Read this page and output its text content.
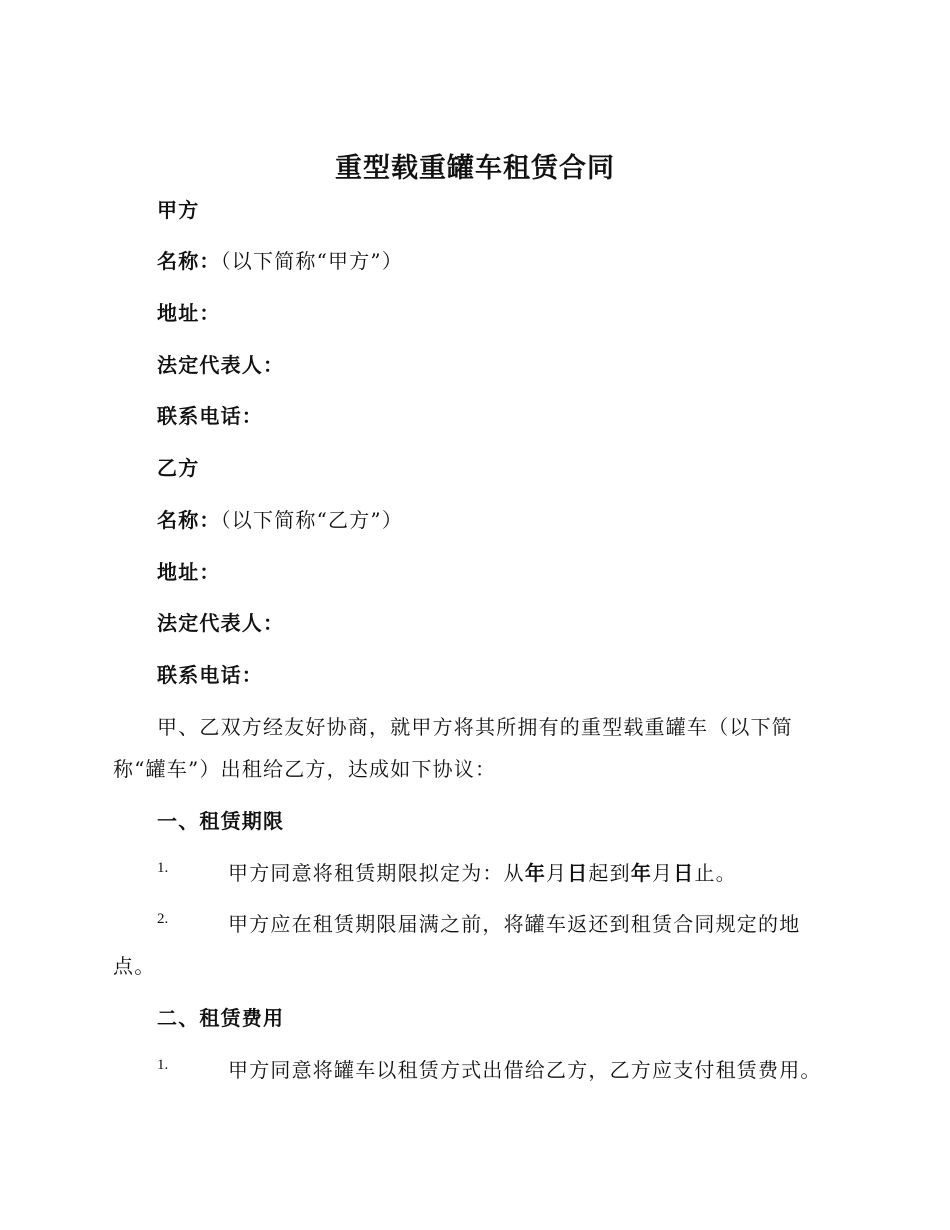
重型载重罐车租赁合同
甲方
名称：（以下简称“甲方”）
地址：
法定代表人：
联系电话：
乙方
名称：（以下简称“乙方”）
地址：
法定代表人：
联系电话：
甲、乙双方经友好协商，就甲方将其所拥有的重型载重罐车（以下简
称“罐车”）出租给乙方，达成如下协议：
一、租赁期限
1.	甲方同意将租赁期限拟定为：从年月日起到年月日止。
2.	甲方应在租赁期限届满之前，将罐车返还到租赁合同规定的地
点。
二、租赁费用
1.	甲方同意将罐车以租赁方式出借给乙方，乙方应支付租赁费用。
